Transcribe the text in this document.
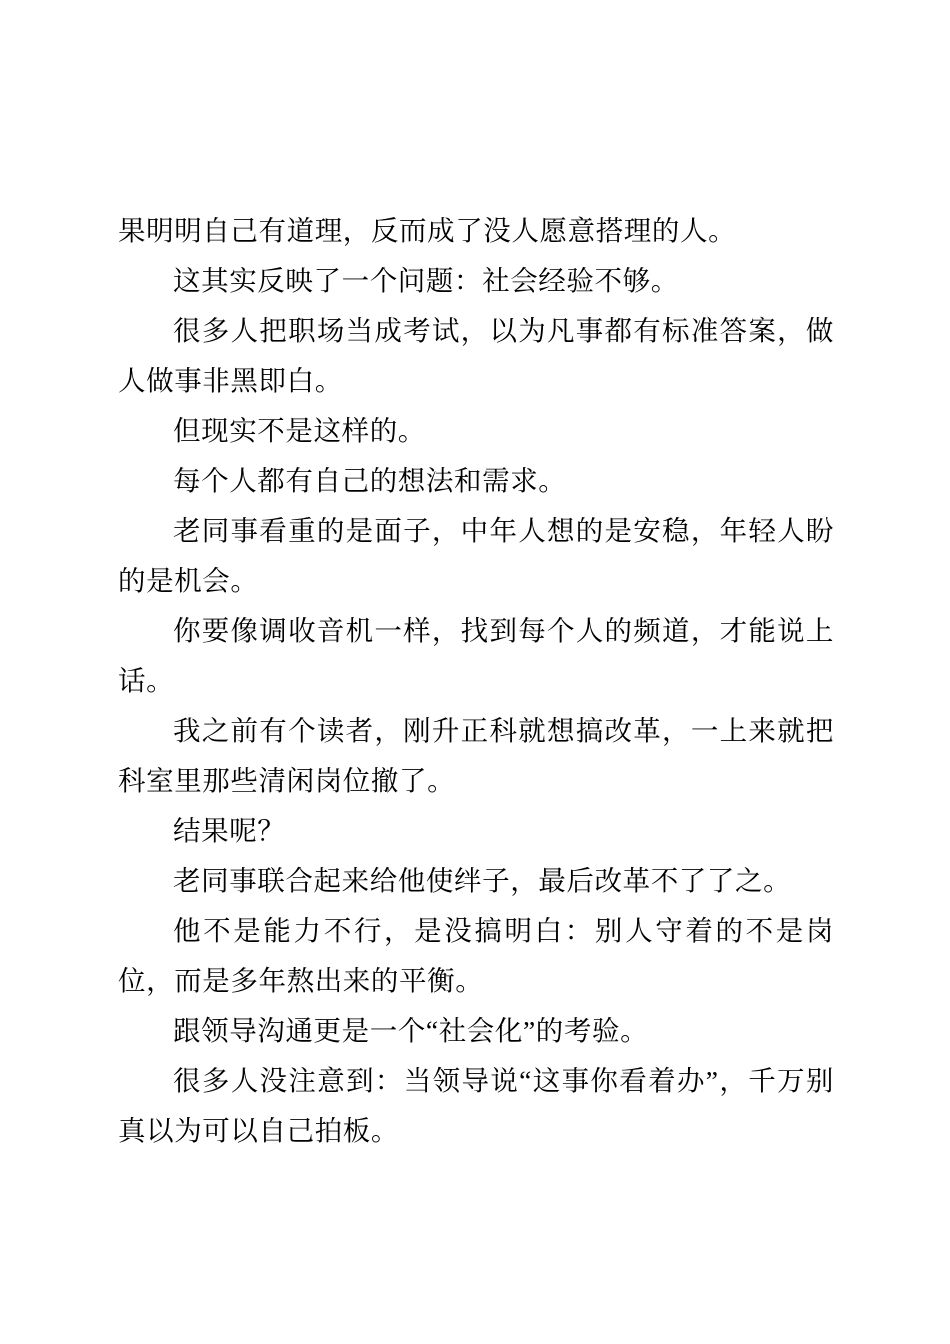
果明明自己有道理，反而成了没人愿意搭理的人。

这其实反映了一个问题：社会经验不够。

很多人把职场当成考试，以为凡事都有标准答案，做人做事非黑即白。

但现实不是这样的。

每个人都有自己的想法和需求。

老同事看重的是面子，中年人想的是安稳，年轻人盼的是机会。

你要像调收音机一样，找到每个人的频道，才能说上话。

我之前有个读者，刚升正科就想搞改革，一上来就把科室里那些清闲岗位撤了。

结果呢？

老同事联合起来给他使绊子，最后改革不了了之。

他不是能力不行，是没搞明白：别人守着的不是岗位，而是多年熬出来的平衡。

跟领导沟通更是一个“社会化”的考验。

很多人没注意到：当领导说“这事你看着办”，千万别真以为可以自己拍板。
